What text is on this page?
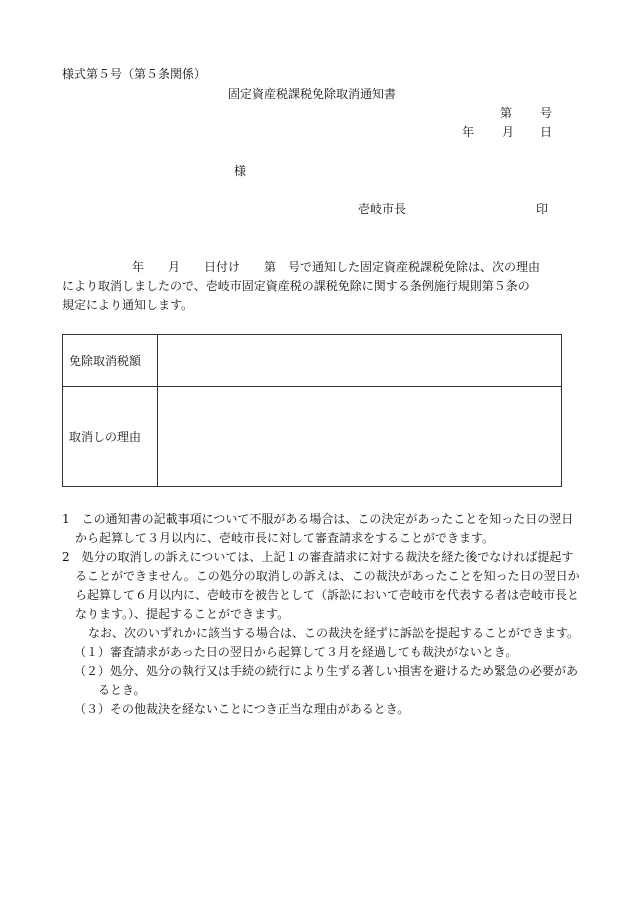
様式第５号（第５条関係）
固定資産税課税免除取消通知書
第 号
年 月 日
様
壱岐市長	印

年　　月　　日付け　　第　号で通知した固定資産税課税免除は、次の理由

により取消しましたので、壱岐市固定資産税の課税免除に関する条例施行規則第５条の

規定により通知します。

免除取消税額	
取消しの理由	

1　この通知書の記載事項について不服がある場合は、この決定があったことを知った日の翌日から起算して３月以内に、壱岐市長に対して審査請求をすることができます。

2　処分の取消しの訴えについては、上記１の審査請求に対する裁決を経た後でなければ提起することができません。この処分の取消しの訴えは、この裁決があったことを知った日の翌日から起算して６月以内に、壱岐市を被告として（訴訟において壱岐市を代表する者は壱岐市長となります。）、提起することができます。

なお、次のいずれかに該当する場合は、この裁決を経ずに訴訟を提起することができます。

（１）審査請求があった日の翌日から起算して３月を経過しても裁決がないとき。

（２）処分、処分の執行又は手続の続行により生ずる著しい損害を避けるため緊急の必要があるとき。

（３）その他裁決を経ないことにつき正当な理由があるとき。
